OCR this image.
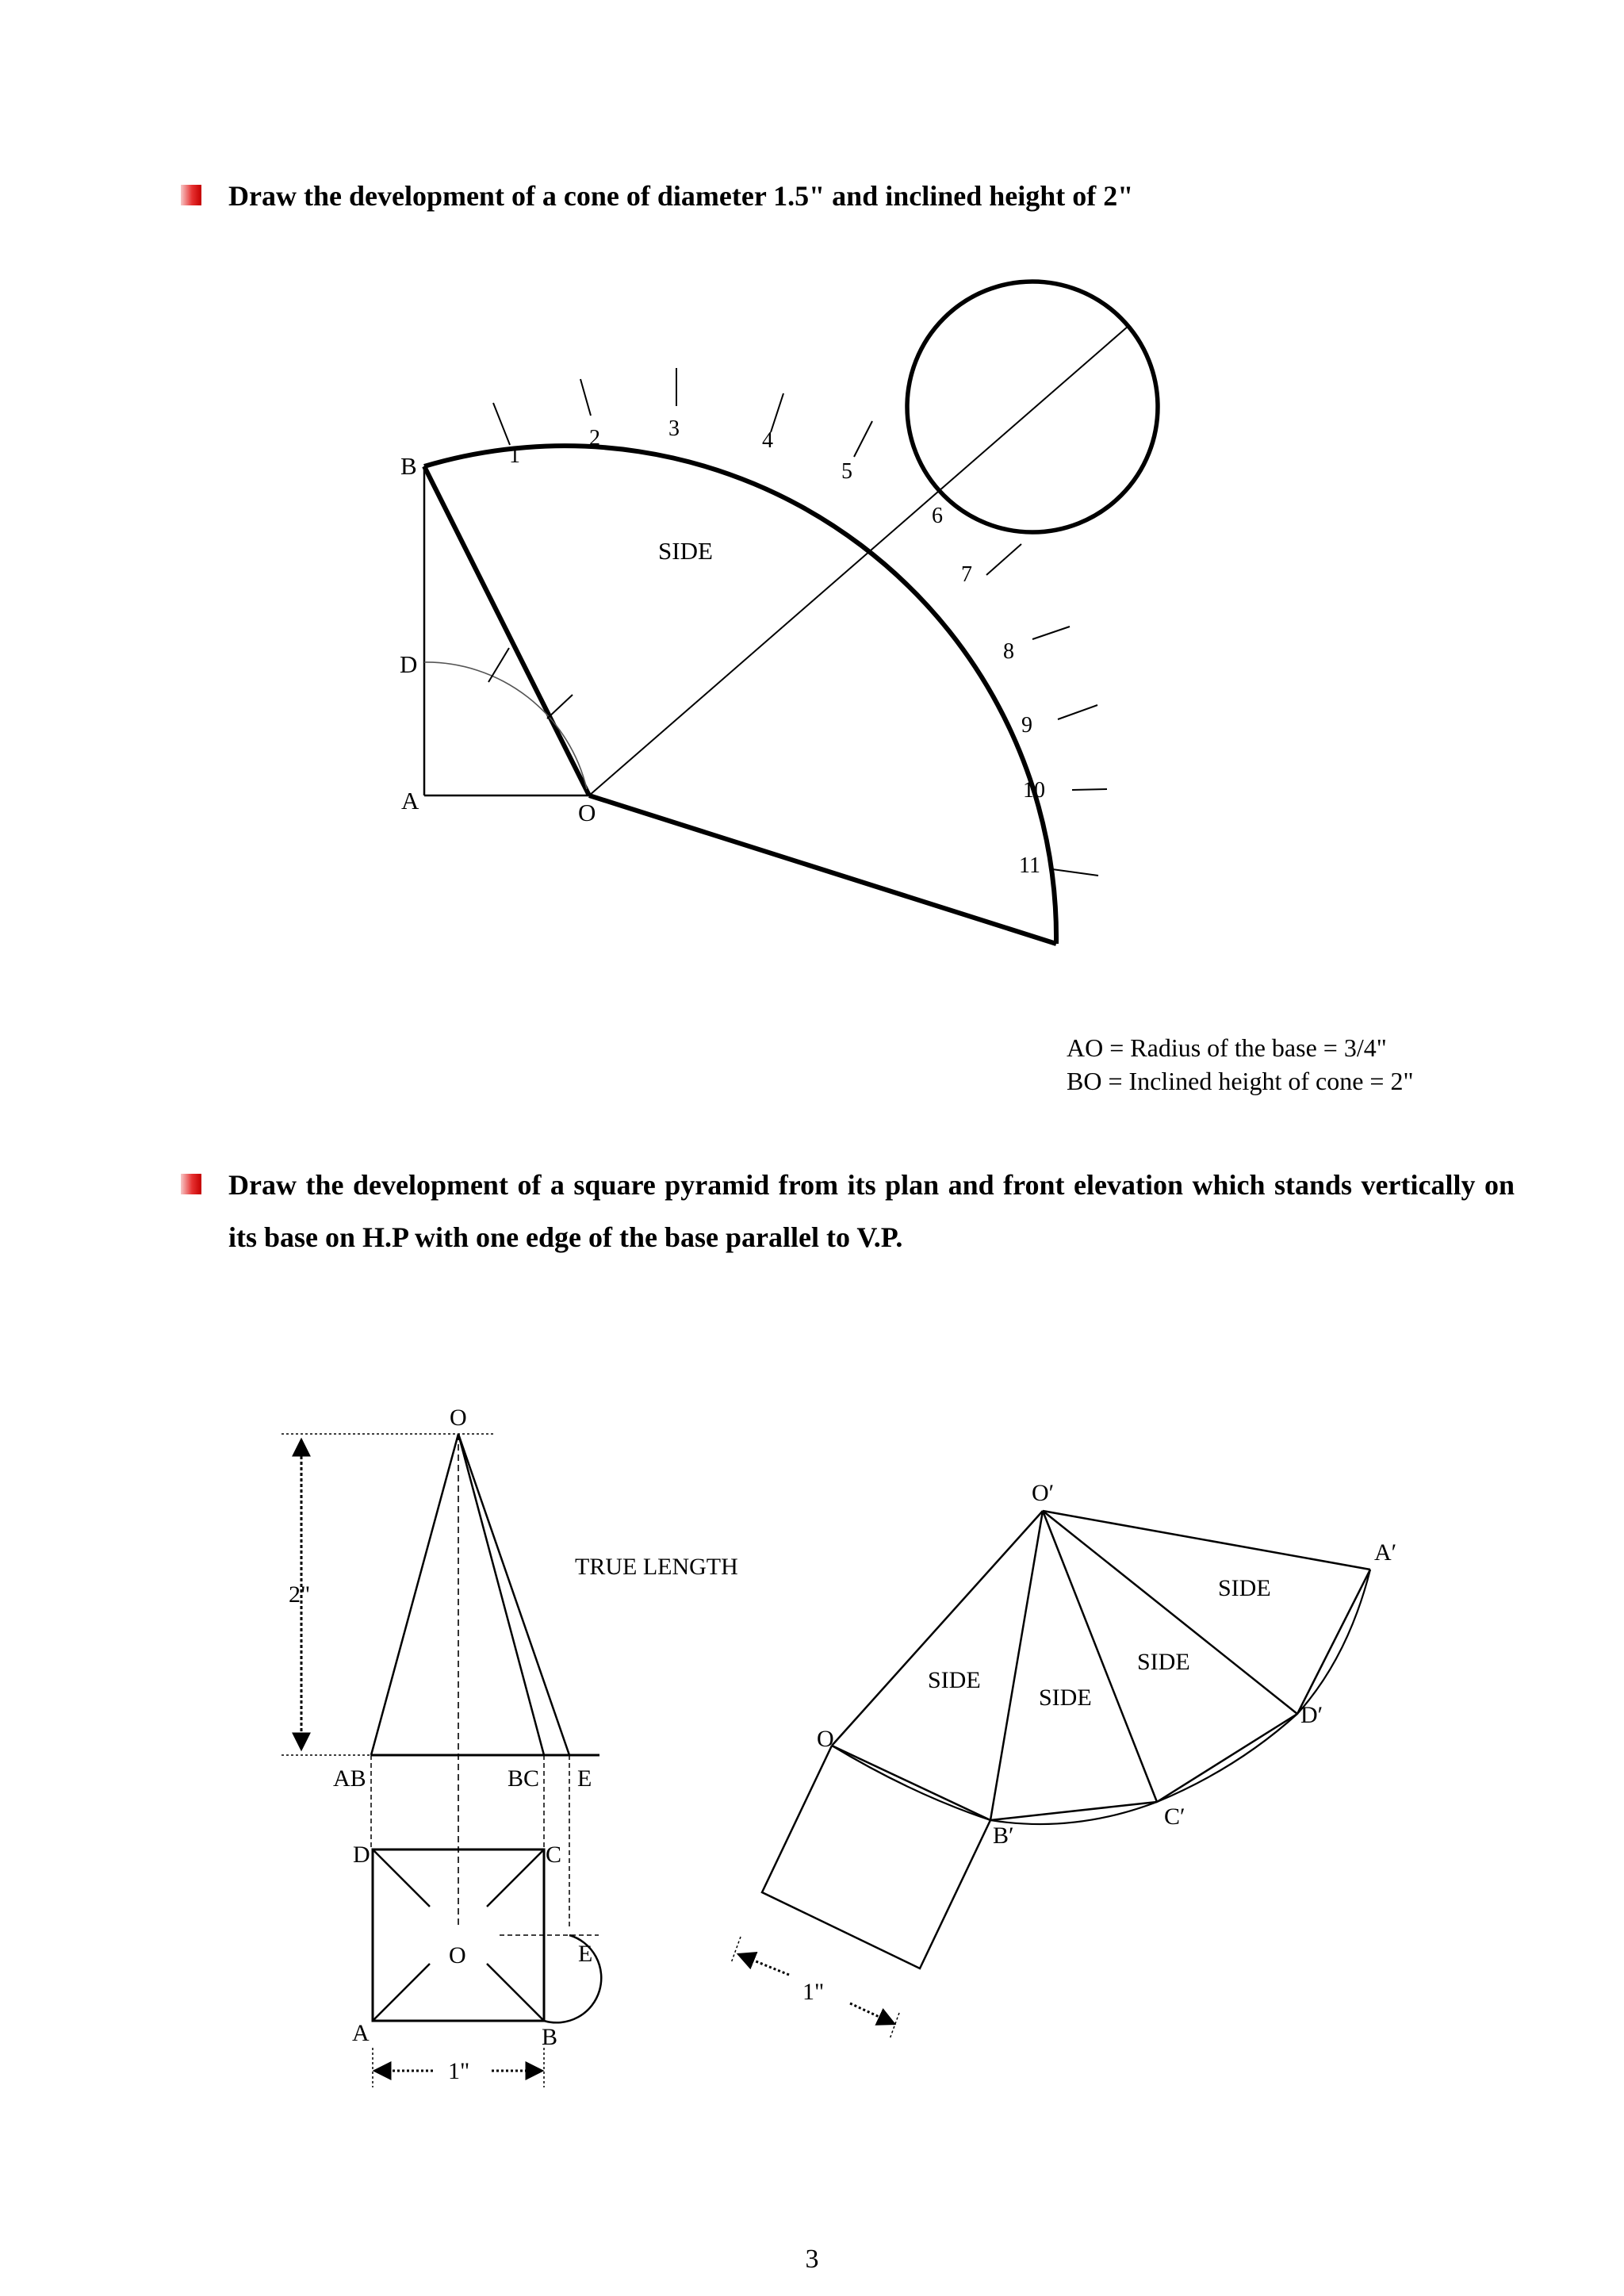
Draw the development of a cone of diameter 1.5" and inclined height of 2"

Draw the development of a square pyramid from its plan and front elevation which stands vertically on its base on H.P with one edge of the base parallel to V.P.

B
D
A	O
SIDE
1
2	3	4
5
6
7
8
9
10
11
AO = Radius of the base = 3/4"
BO = Inclined height of cone = 2"
O
2"
TRUE LENGTH
AB	BC E
D	C
O	E
A	B
1"
O′
A′
D′
C′
B′
O
SIDE
SIDE
SIDE
SIDE
1"
3
